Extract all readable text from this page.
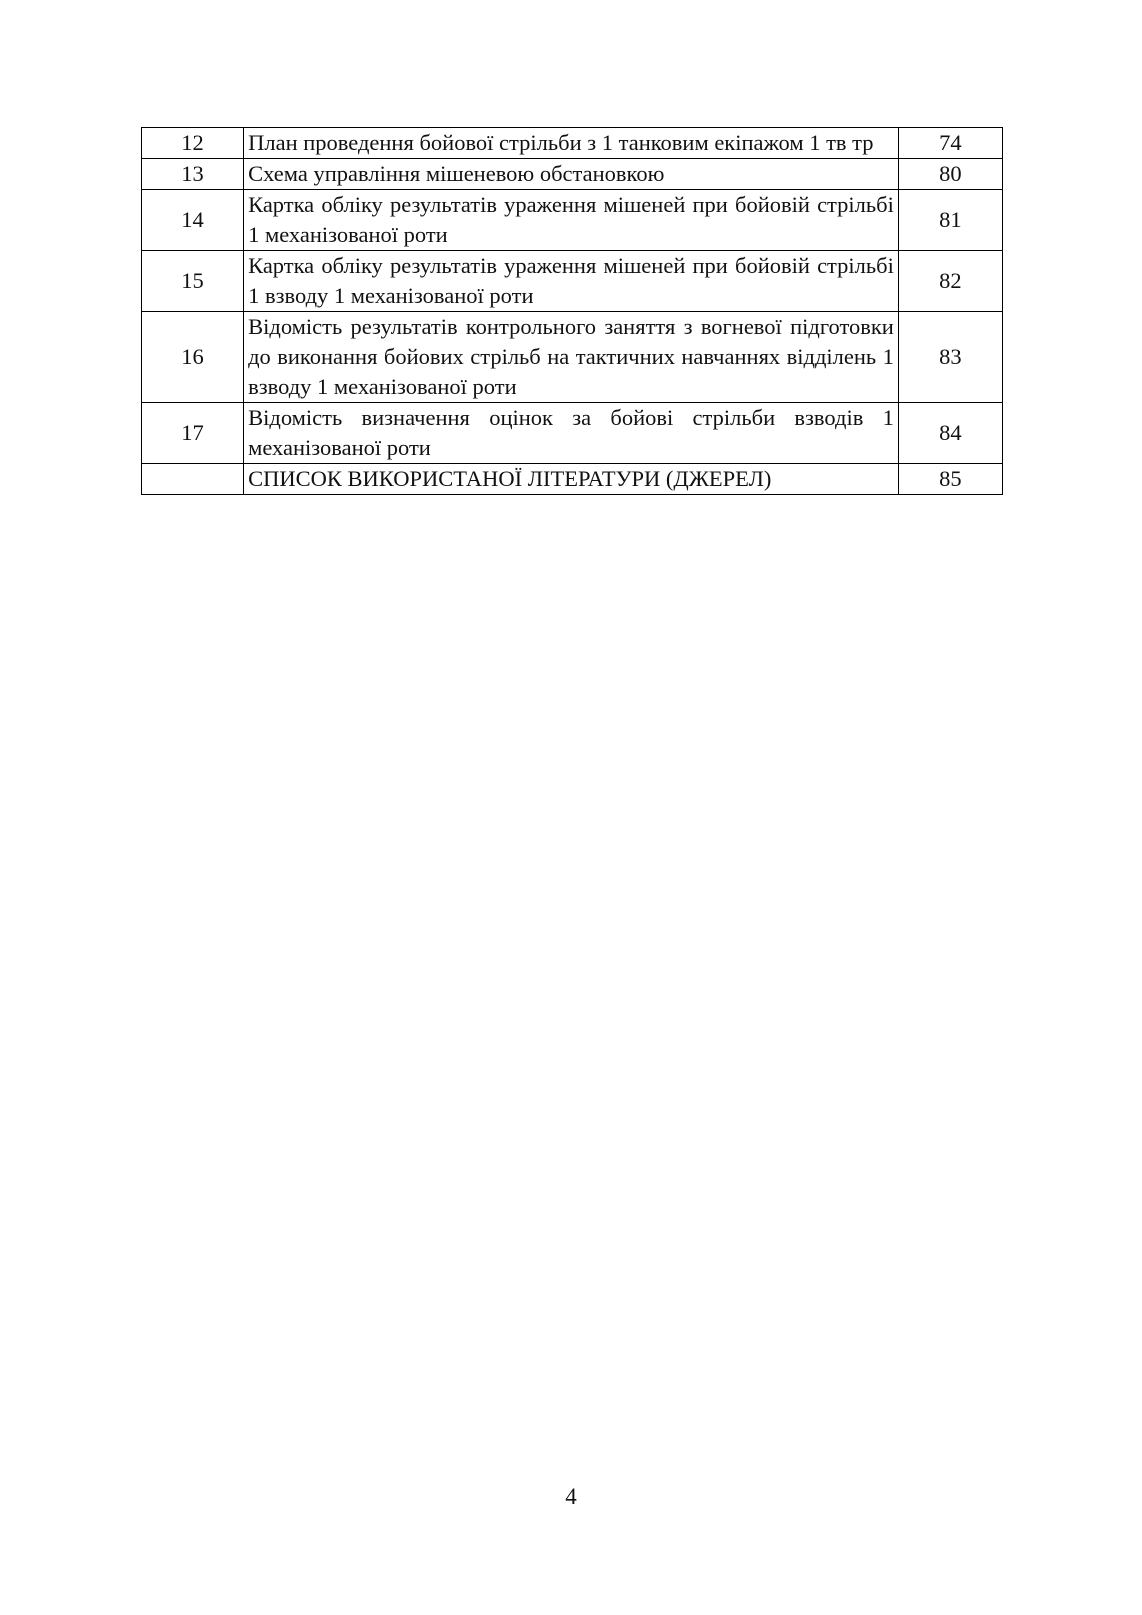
12	План проведення бойової стрільби з 1 танковим екіпажом 1 тв тр	74
13	Схема управління мішеневою обстановкою	80
14	Картка обліку результатів ураження мішеней при бойовій стрільбі 1 механізованої роти	81
15	Картка обліку результатів ураження мішеней при бойовій стрільбі 1 взводу 1 механізованої роти	82
16	Відомість результатів контрольного заняття з вогневої підготовки до виконання бойових стрільб на тактичних навчаннях відділень 1 взводу 1 механізованої роти	83
17	Відомість визначення оцінок за бойові стрільби взводів 1 механізованої роти	84
	СПИСОК ВИКОРИСТАНОЇ ЛІТЕРАТУРИ (ДЖЕРЕЛ)	85
4
